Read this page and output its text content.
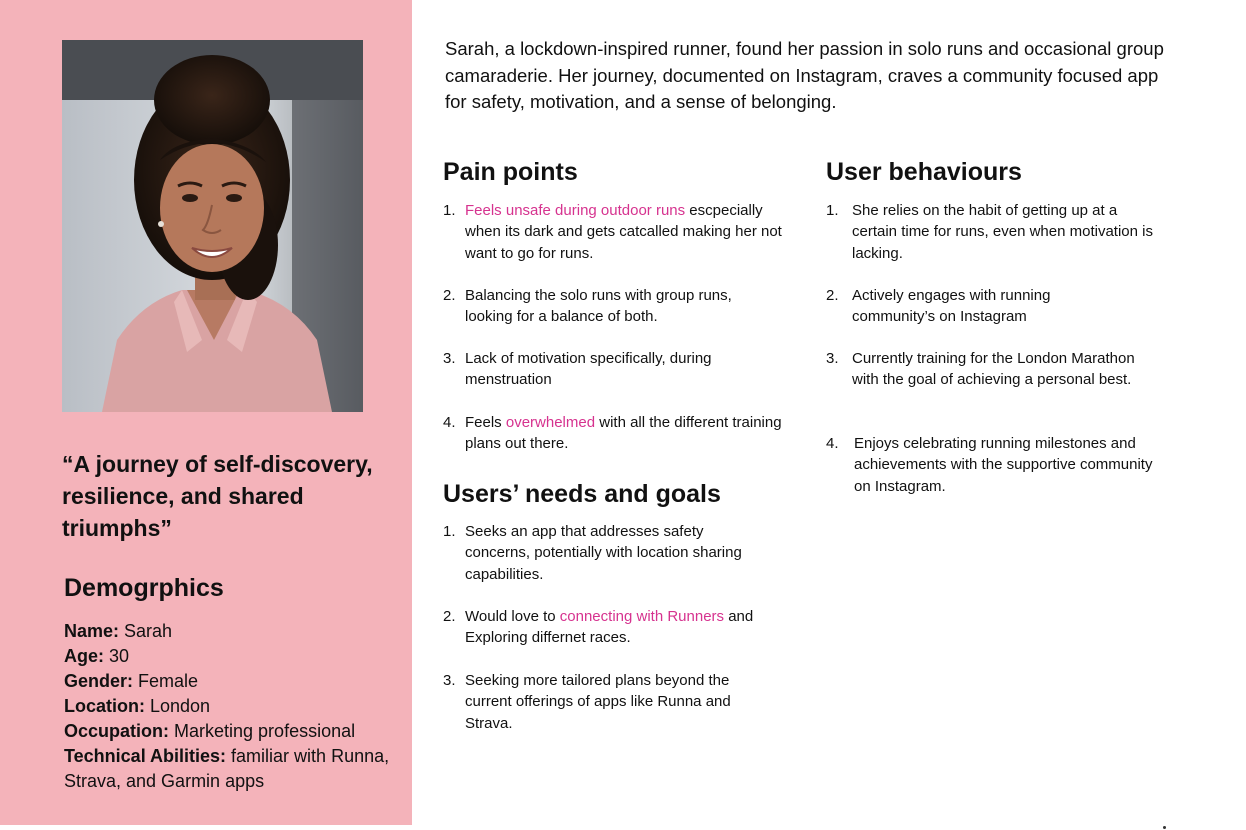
“A journey of self-discovery, resilience, and shared triumphs”
Demogrphics
Name: Sarah
Age: 30
Gender: Female
Location: London
Occupation: Marketing professional
Technical Abilities: familiar with Runna, Strava, and Garmin apps
Sarah, a lockdown-inspired runner, found her passion in solo runs and occasional group camaraderie. Her journey, documented on Instagram, craves a community focused app for safety, motivation, and a sense of belonging.
Pain points
1. Feels unsafe during outdoor runs escpecially when its dark and gets catcalled making her not want to go for runs.
2. Balancing the solo runs with group runs, looking for a balance of both.
3. Lack of motivation specifically, during menstruation
4. Feels overwhelmed with all the different training plans out there.
Users’ needs and goals
1. Seeks an app that addresses safety concerns, potentially with location sharing capabilities.
2. Would love to connecting with Runners and Exploring differnet races.
3. Seeking more tailored plans beyond the current offerings of apps like Runna and Strava.
User behaviours
1. She relies on the habit of getting up at a certain time for runs, even when motivation is lacking.
2. Actively engages with running community’s on Instagram
3. Currently training for the London Marathon with the goal of achieving a personal best.
4.	Enjoys celebrating running milestones and achievements with the supportive community on Instagram.
